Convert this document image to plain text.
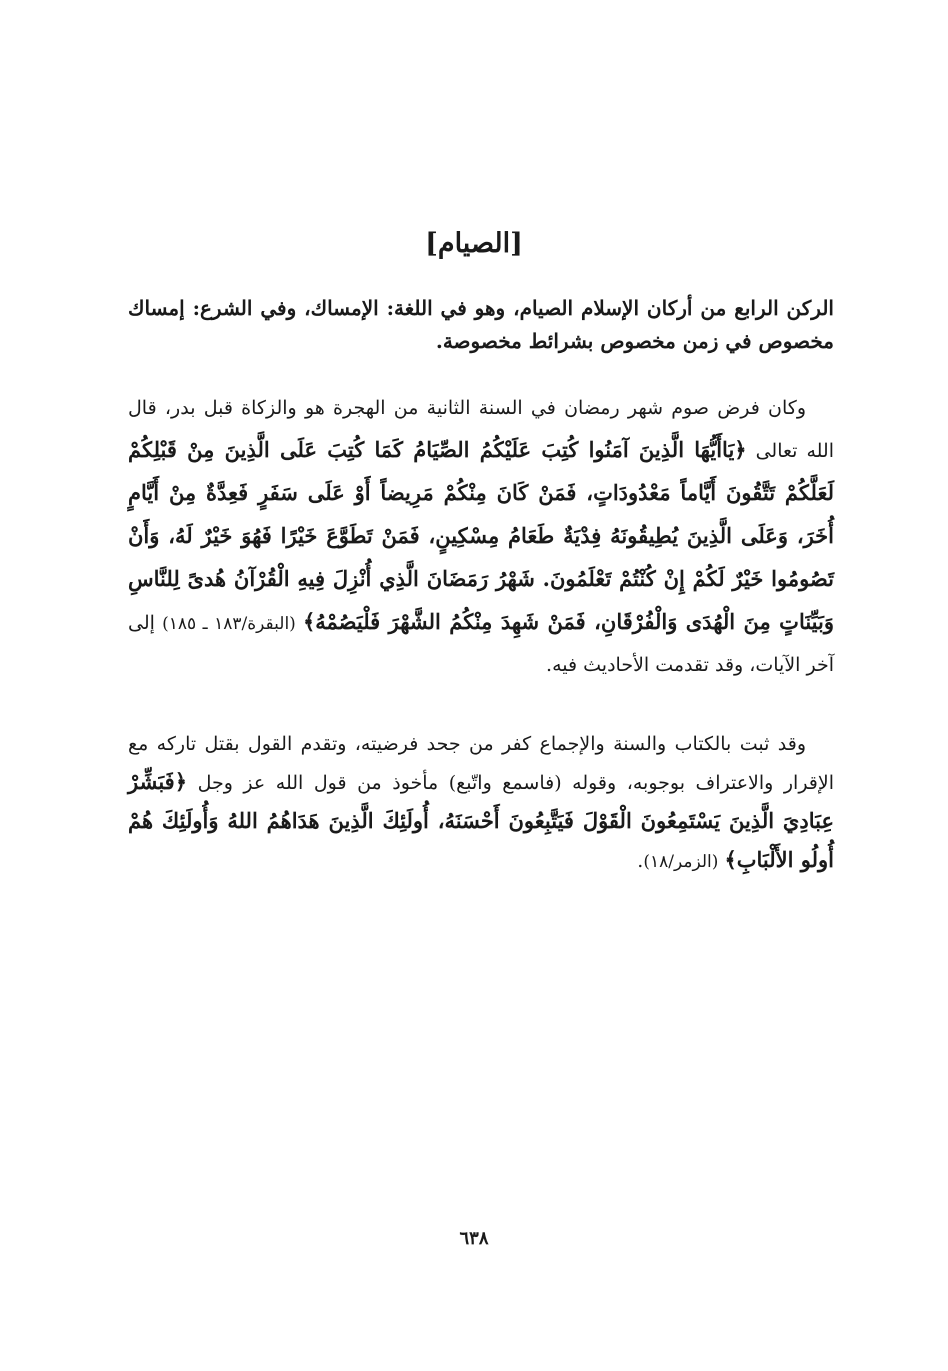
[الصيام]
الركن الرابع من أركان الإسلام الصيام، وهو في اللغة: الإمساك، وفي الشرع: إمساك مخصوص في زمن مخصوص بشرائط مخصوصة.
وكان فرض صوم شهر رمضان في السنة الثانية من الهجرة هو والزكاة قبل بدر، قال الله تعالى ﴿يَاأَيُّهَا الَّذِينَ آمَنُوا كُتِبَ عَلَيْكُمُ الصِّيَامُ كَمَا كُتِبَ عَلَى الَّذِينَ مِنْ قَبْلِكُمْ لَعَلَّكُمْ تَتَّقُونَ أَيَّاماً مَعْدُودَاتٍ، فَمَنْ كَانَ مِنْكُمْ مَرِيضاً أَوْ عَلَى سَفَرٍ فَعِدَّةٌ مِنْ أَيَّامٍ أُخَرَ، وَعَلَى الَّذِينَ يُطِيقُونَهُ فِدْيَةٌ طَعَامُ مِسْكِينٍ، فَمَنْ تَطَوَّعَ خَيْرًا فَهُوَ خَيْرٌ لَهُ، وَأَنْ تَصُومُوا خَيْرٌ لَكُمْ إِنْ كُنْتُمْ تَعْلَمُونَ. شَهْرُ رَمَضَانَ الَّذِي أُنْزِلَ فِيهِ الْقُرْآنُ هُدىً لِلنَّاسِ وَبَيِّنَاتٍ مِنَ الْهُدَى وَالْفُرْقَانِ، فَمَنْ شَهِدَ مِنْكُمُ الشَّهْرَ فَلْيَصُمْهُ﴾ (البقرة/١٨٣ ـ ١٨٥) إلى آخر الآيات، وقد تقدمت الأحاديث فيه.
وقد ثبت بالكتاب والسنة والإجماع كفر من جحد فرضيته، وتقدم القول بقتل تاركه مع الإقرار والاعتراف بوجوبه، وقوله (فاسمع واتّبع) مأخوذ من قول الله عز وجل ﴿فَبَشِّرْ عِبَادِيَ الَّذِينَ يَسْتَمِعُونَ الْقَوْلَ فَيَتَّبِعُونَ أَحْسَنَهُ، أُولَئِكَ الَّذِينَ هَدَاهُمُ اللهُ وَأُولَئِكَ هُمْ أُولُو الأَلْبَابِ﴾ (الزمر/١٨).
٦٣٨
